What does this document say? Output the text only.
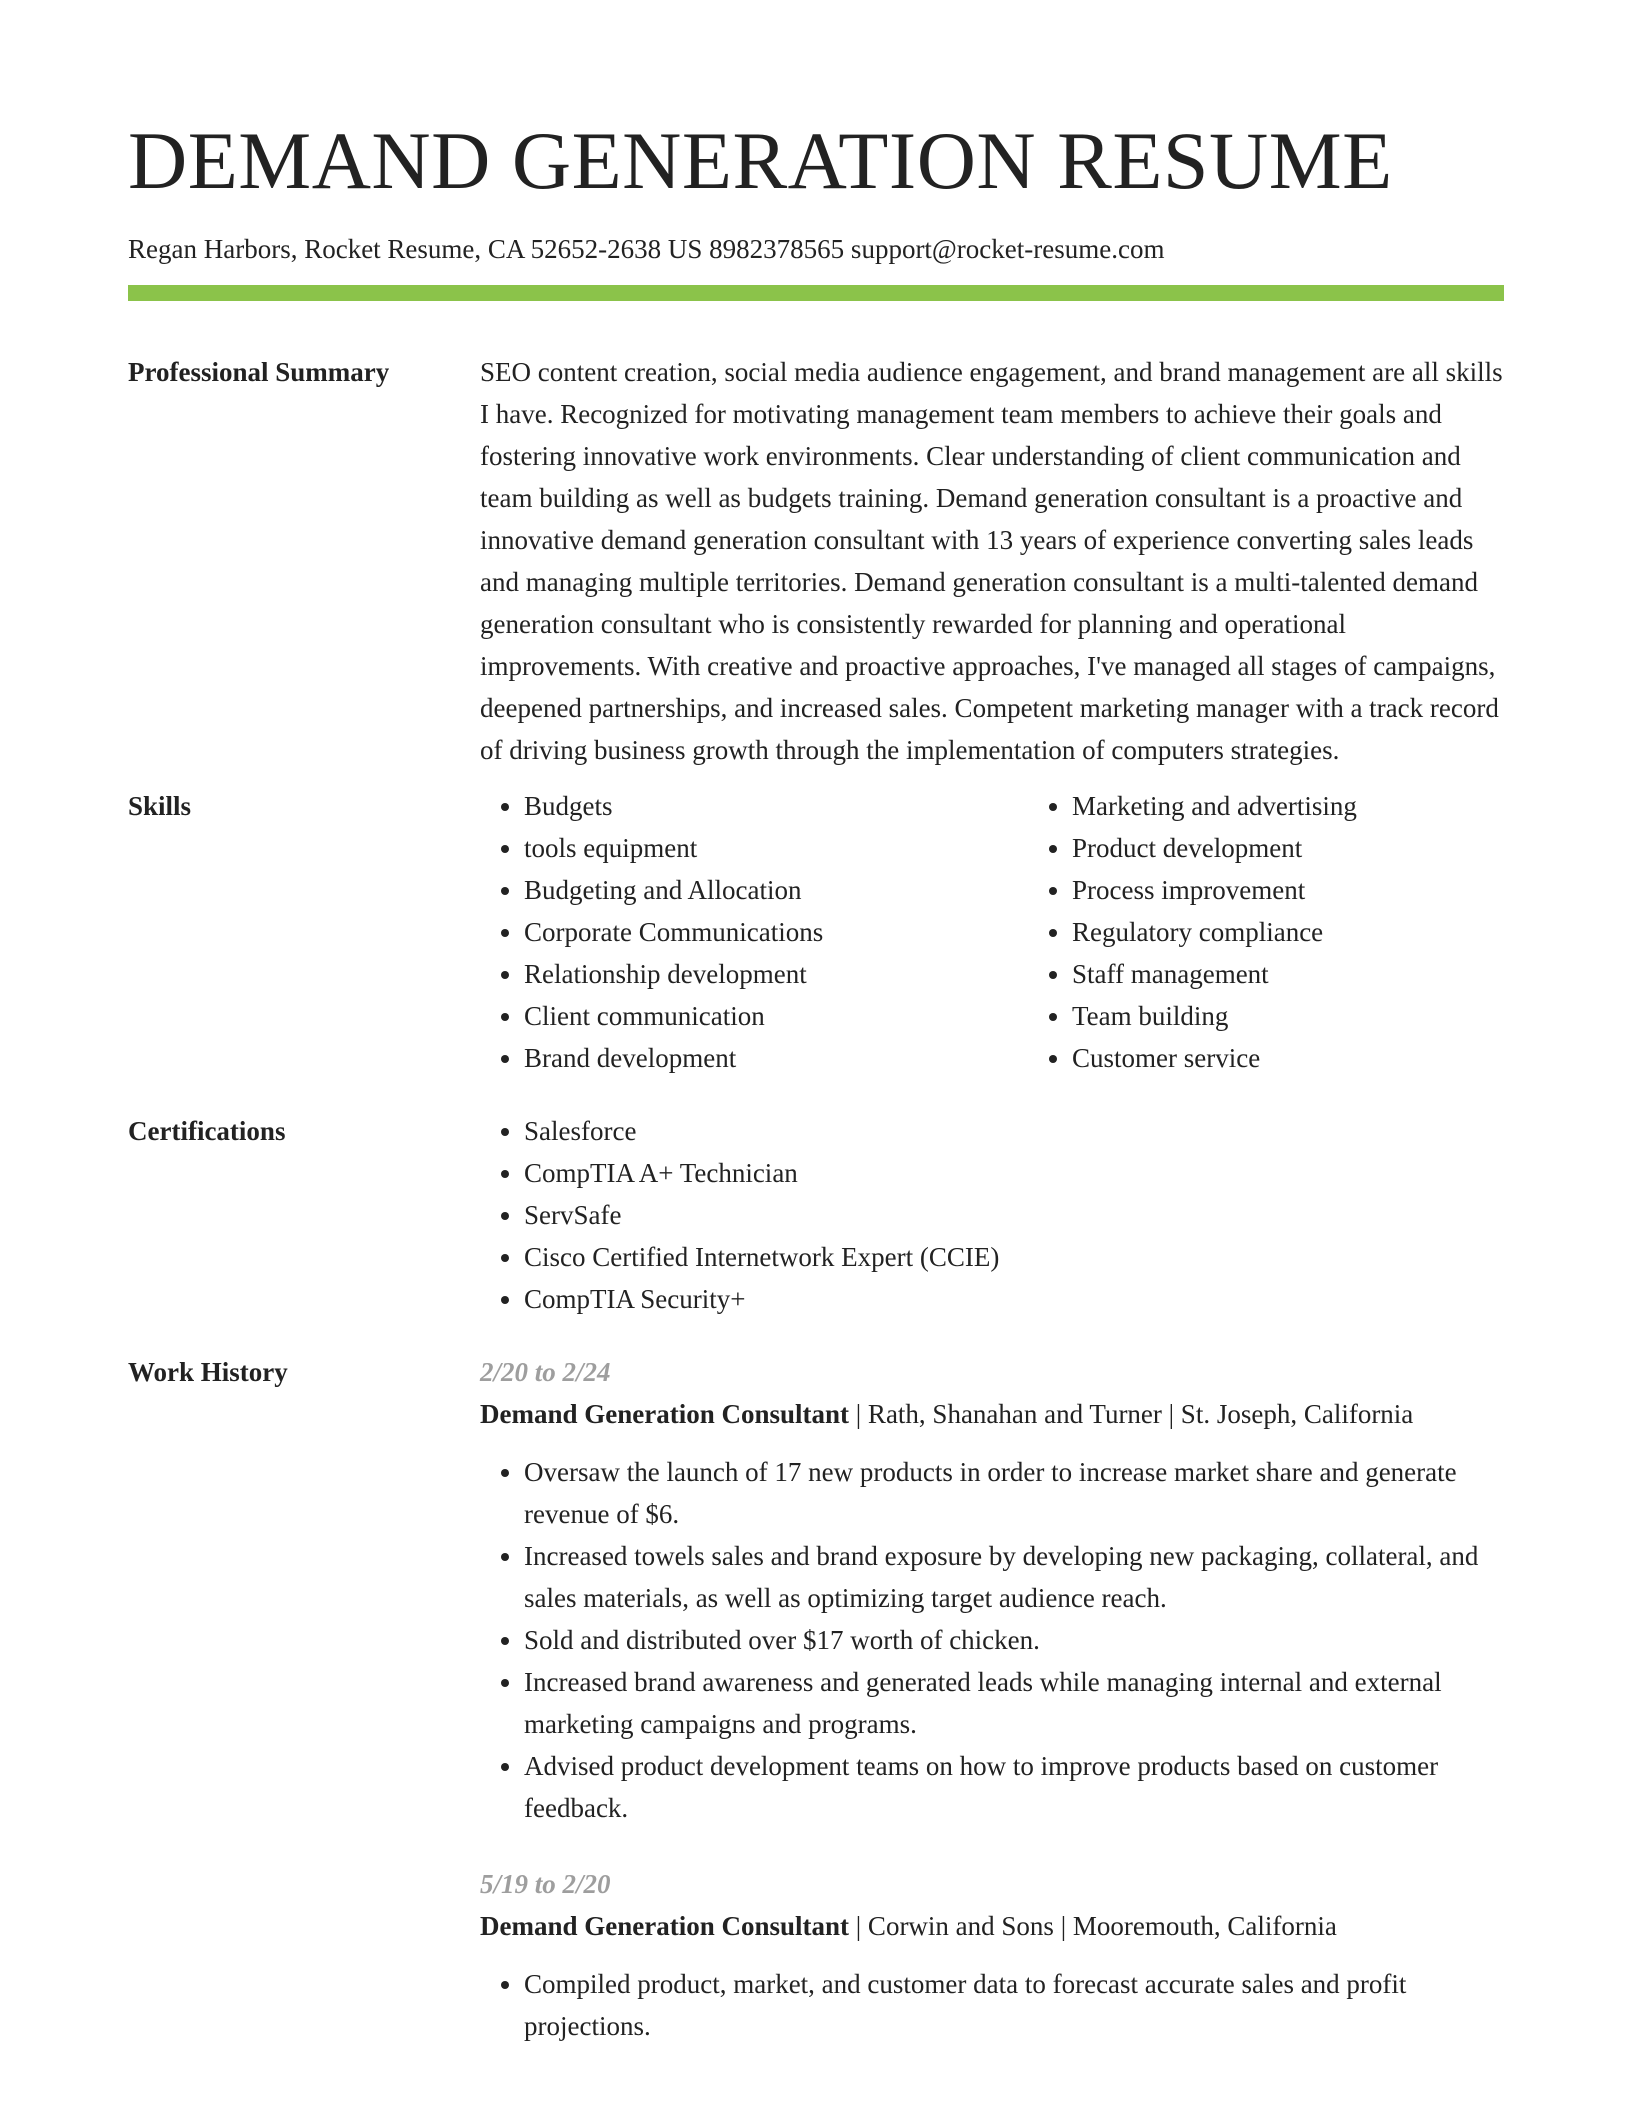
DEMAND GENERATION RESUME
Regan Harbors, Rocket Resume, CA 52652-2638 US 8982378565 support@rocket-resume.com
Professional Summary	SEO content creation, social media audience engagement, and brand management are all skills I have. Recognized for motivating management team members to achieve their goals and fostering innovative work environments. Clear understanding of client communication and team building as well as budgets training. Demand generation consultant is a proactive and innovative demand generation consultant with 13 years of experience converting sales leads and managing multiple territories. Demand generation consultant is a multi-talented demand generation consultant who is consistently rewarded for planning and operational improvements. With creative and proactive approaches, I've managed all stages of campaigns, deepened partnerships, and increased sales. Competent marketing manager with a track record of driving business growth through the implementation of computers strategies.

Skills	• Budgets
• tools equipment
• Budgeting and Allocation
• Corporate Communications
• Relationship development
• Client communication
• Brand development
• Marketing and advertising
• Product development
• Process improvement
• Regulatory compliance
• Staff management
• Team building
• Customer service
Certifications	• Salesforce
• CompTIA A+ Technician
• ServSafe
• Cisco Certified Internetwork Expert (CCIE)
• CompTIA Security+
Work History	2/20 to 2/24
Demand Generation Consultant | Rath, Shanahan and Turner | St. Joseph, California
• Oversaw the launch of 17 new products in order to increase market share and generate revenue of $6.
• Increased towels sales and brand exposure by developing new packaging, collateral, and sales materials, as well as optimizing target audience reach.
• Sold and distributed over $17 worth of chicken.
• Increased brand awareness and generated leads while managing internal and external marketing campaigns and programs.
• Advised product development teams on how to improve products based on customer feedback.
5/19 to 2/20
Demand Generation Consultant | Corwin and Sons | Mooremouth, California
• Compiled product, market, and customer data to forecast accurate sales and profit projections.
